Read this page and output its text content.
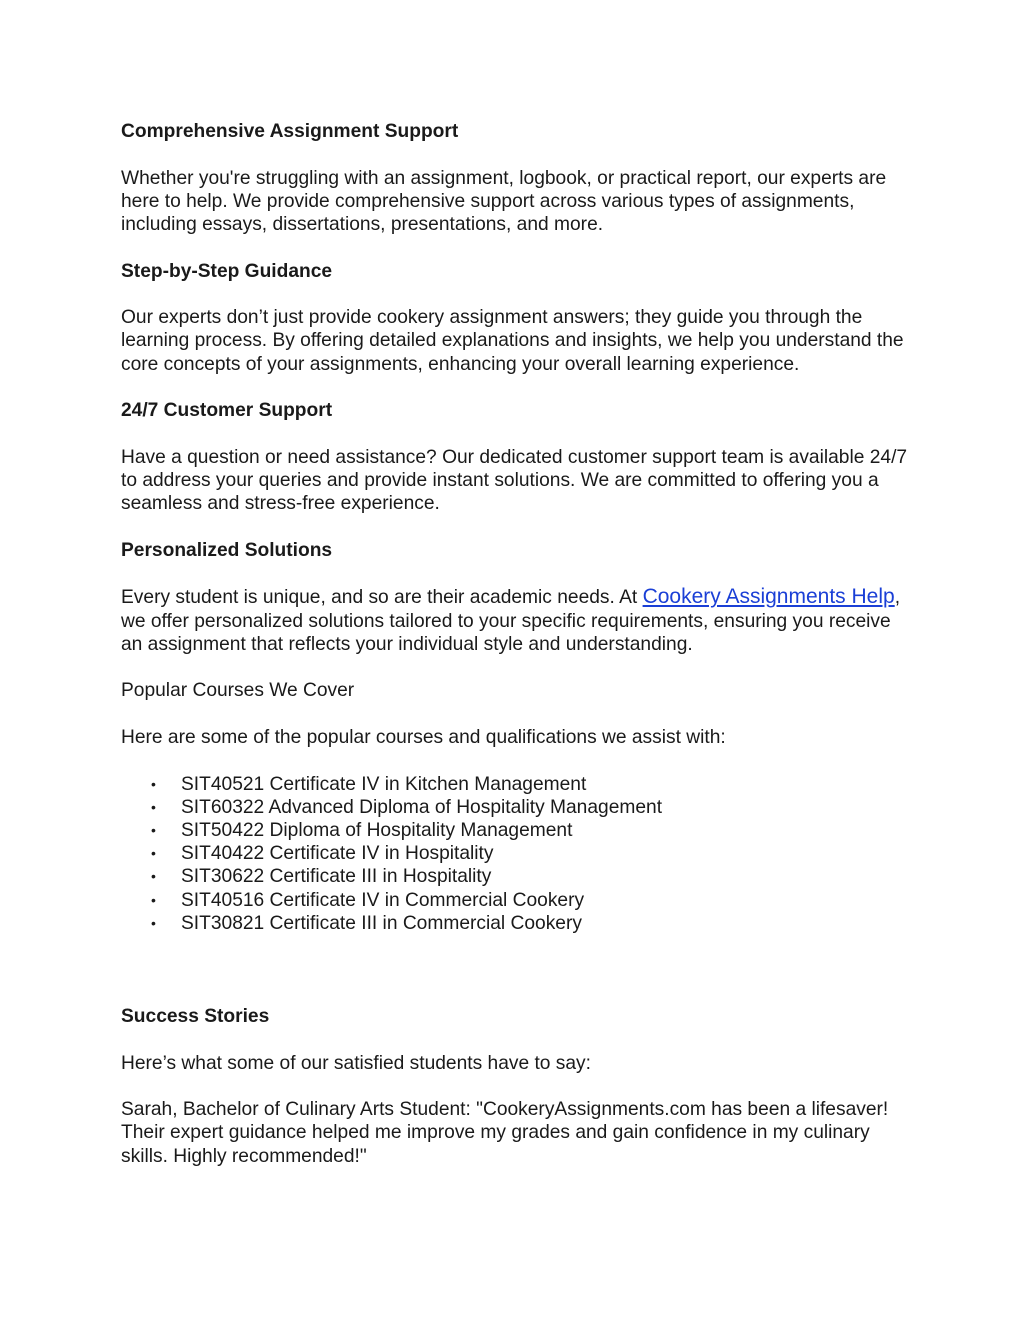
Comprehensive Assignment Support

Whether you're struggling with an assignment, logbook, or practical report, our experts are here to help. We provide comprehensive support across various types of assignments, including essays, dissertations, presentations, and more.

Step-by-Step Guidance

Our experts don’t just provide cookery assignment answers; they guide you through the learning process. By offering detailed explanations and insights, we help you understand the core concepts of your assignments, enhancing your overall learning experience.

24/7 Customer Support

Have a question or need assistance? Our dedicated customer support team is available 24/7 to address your queries and provide instant solutions. We are committed to offering you a seamless and stress-free experience.

Personalized Solutions

Every student is unique, and so are their academic needs. At Cookery Assignments Help, we offer personalized solutions tailored to your specific requirements, ensuring you receive an assignment that reflects your individual style and understanding.

Popular Courses We Cover

Here are some of the popular courses and qualifications we assist with:

• SIT40521 Certificate IV in Kitchen Management
• SIT60322 Advanced Diploma of Hospitality Management
• SIT50422 Diploma of Hospitality Management
• SIT40422 Certificate IV in Hospitality
• SIT30622 Certificate III in Hospitality
• SIT40516 Certificate IV in Commercial Cookery
• SIT30821 Certificate III in Commercial Cookery

Success Stories

Here’s what some of our satisfied students have to say:

Sarah, Bachelor of Culinary Arts Student: "CookeryAssignments.com has been a lifesaver! Their expert guidance helped me improve my grades and gain confidence in my culinary skills. Highly recommended!"
